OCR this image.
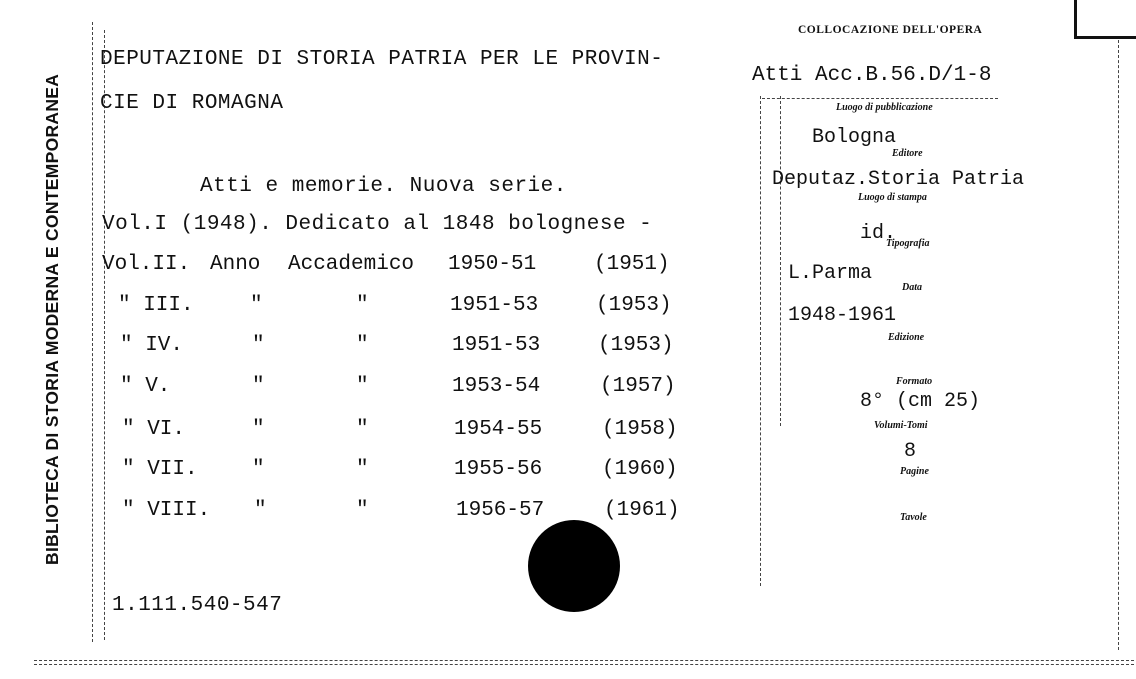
BIBLIOTECA DI STORIA MODERNA E CONTEMPORANEA
DEPUTAZIONE DI STORIA PATRIA PER LE PROVIN-
CIE DI ROMAGNA
Atti e memorie. Nuova serie.
Vol.I (1948). Dedicato al 1848 bolognese -
Vol.II. Anno Accademico 1950-51	(1951)
" III.	"	"	1951-53	(1953)
" IV.	"	"	1951-53	(1953)
" V.	"	"	1953-54	(1957)
" VI.	"	"	1954-55	(1958)
" VII.	"	"	1955-56	(1960)
" VIII. "	"	1956-57	(1961)
1.111.540-547
COLLOCAZIONE DELL'OPERA
Atti Acc.B.56.D/1-8
Luogo di pubblicazione
Bologna
Editore
Deputaz.Storia Patria
Luogo di stampa
id.
Tipografia
L.Parma
Data
1948-1961
Edizione
Formato
8° (cm 25)
Volumi-Tomi
8
Pagine
Tavole
